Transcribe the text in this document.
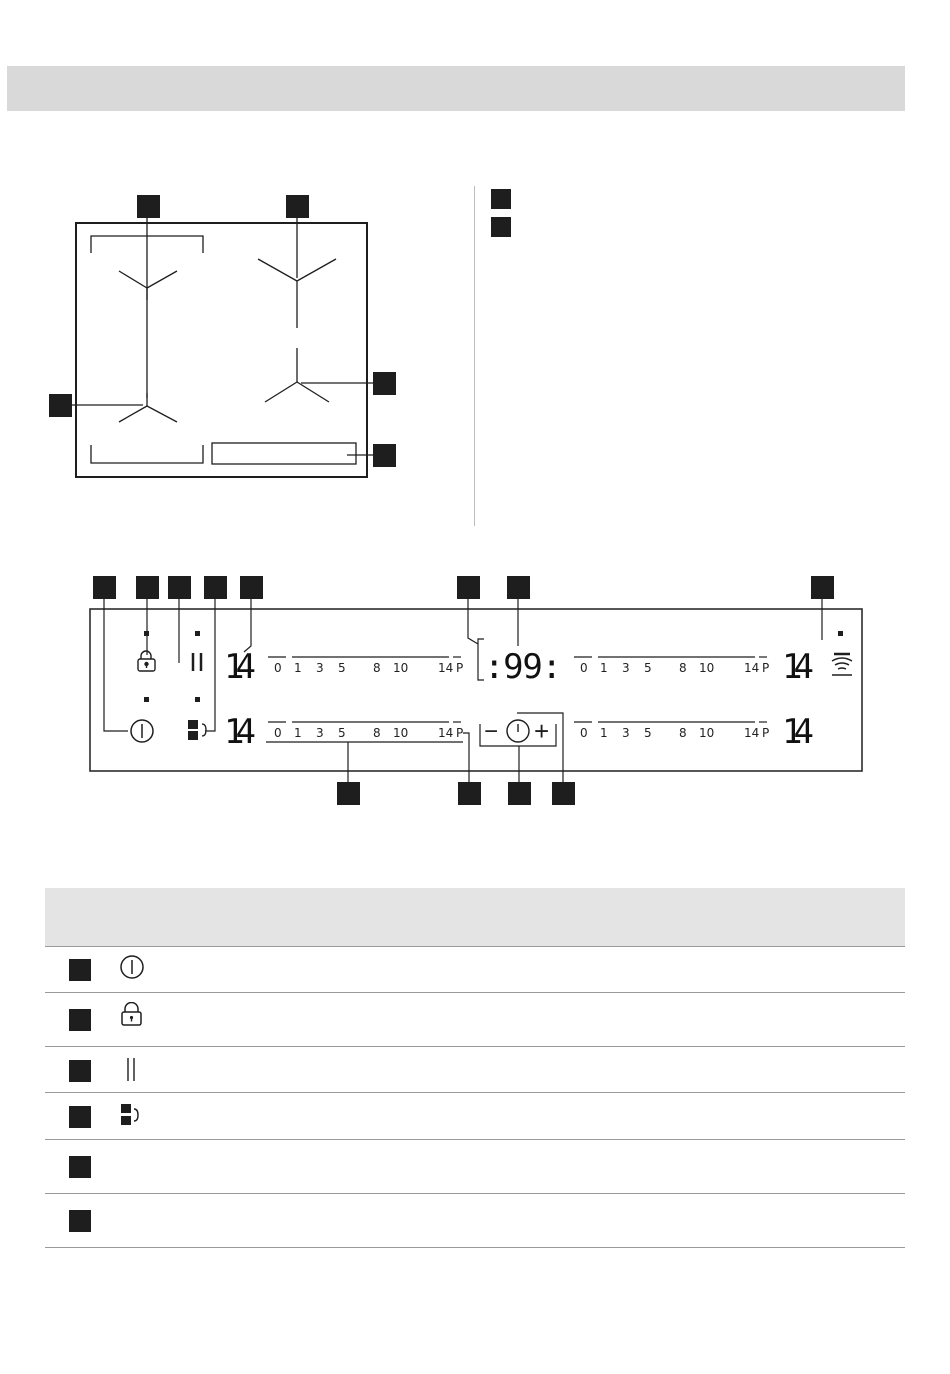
0 1 3 5 8 10 14 P
0 1 3 5 8 10 14 P
0 1 3 5 8 10 14 P
0 1 3 5 8 10 14 P
14
14
14
14
:99:
− +
